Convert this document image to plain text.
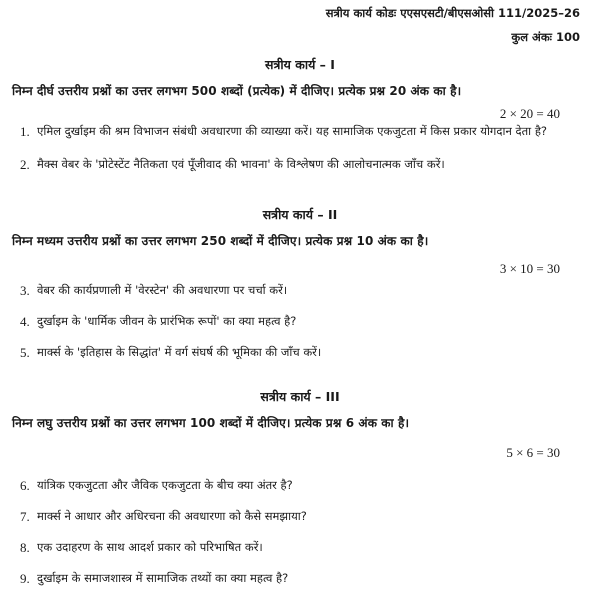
सत्रीय कार्य कोडः एएसएसटी/बीएसओसी 111/2025–26
कुल अंकः 100
सत्रीय कार्य – I
निम्न दीर्घ उत्तरीय प्रश्नों का उत्तर लगभग 500 शब्दों (प्रत्येक) में दीजिए। प्रत्येक प्रश्न 20 अंक का है।
2 × 20 = 40
1. एमिल दुर्खाइम की श्रम विभाजन संबंधी अवधारणा की व्याख्या करें। यह सामाजिक एकजुटता में किस प्रकार योगदान देता है?
2. मैक्स वेबर के 'प्रोटेस्टेंट नैतिकता एवं पूँजीवाद की भावना' के विश्लेषण की आलोचनात्मक जाँच करें।
सत्रीय कार्य – II
निम्न मध्यम उत्तरीय प्रश्नों का उत्तर लगभग 250 शब्दों में दीजिए। प्रत्येक प्रश्न 10 अंक का है।
3 × 10 = 30
3. वेबर की कार्यप्रणाली में 'वेरस्टेन' की अवधारणा पर चर्चा करें।
4. दुर्खाइम के 'धार्मिक जीवन के प्रारंभिक रूपों' का क्या महत्व है?
5. मार्क्स के 'इतिहास के सिद्धांत' में वर्ग संघर्ष की भूमिका की जाँच करें।
सत्रीय कार्य – III
निम्न लघु उत्तरीय प्रश्नों का उत्तर लगभग 100 शब्दों में दीजिए। प्रत्येक प्रश्न 6 अंक का है।
5 × 6 = 30
6. यांत्रिक एकजुटता और जैविक एकजुटता के बीच क्या अंतर है?
7. मार्क्स ने आधार और अधिरचना की अवधारणा को कैसे समझाया?
8. एक उदाहरण के साथ आदर्श प्रकार को परिभाषित करें।
9. दुर्खाइम के समाजशास्त्र में सामाजिक तथ्यों का क्या महत्व है?
